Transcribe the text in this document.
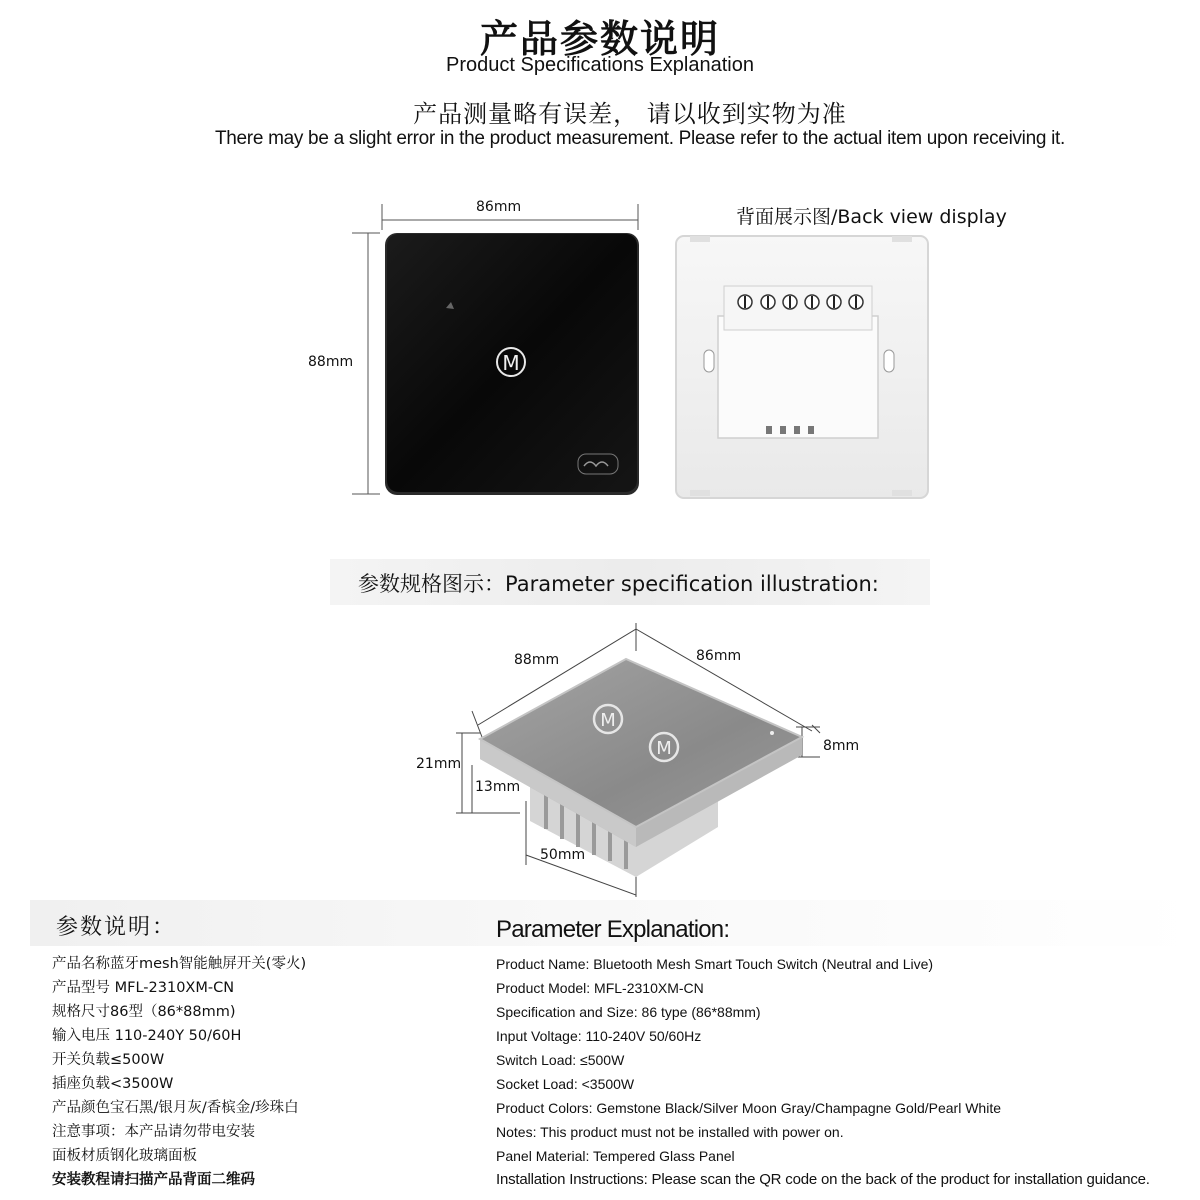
产品参数说明
Product Specifications Explanation
产品测量略有误差， 请以收到实物为准
There may be a slight error in the product measurement. Please refer to the actual item upon receiving it.
M
86mm
88mm
背面展示图/Back view display
参数规格图示：Parameter specification illustration:
M
M
88mm	86mm
8mm
21mm
13mm
50mm
参数说明：	Parameter Explanation:
产品名称蓝牙mesh智能触屏开关(零火)
产品型号 MFL-2310XM-CN
规格尺寸86型（86*88mm)
输入电压 110-240Y 50/60H
开关负载≤500W
插座负载<3500W
产品颜色宝石黑/银月灰/香槟金/珍珠白
注意事项：本产品请勿带电安装
面板材质钢化玻璃面板
安装教程请扫描产品背面二维码
Product Name: Bluetooth Mesh Smart Touch Switch (Neutral and Live)
Product Model: MFL-2310XM-CN
Specification and Size: 86 type (86*88mm)
Input Voltage: 110-240V 50/60Hz
Switch Load: ≤500W
Socket Load: <3500W
Product Colors: Gemstone Black/Silver Moon Gray/Champagne Gold/Pearl White
Notes: This product must not be installed with power on.
Panel Material: Tempered Glass Panel
Installation Instructions: Please scan the QR code on the back of the product for installation guidance.
